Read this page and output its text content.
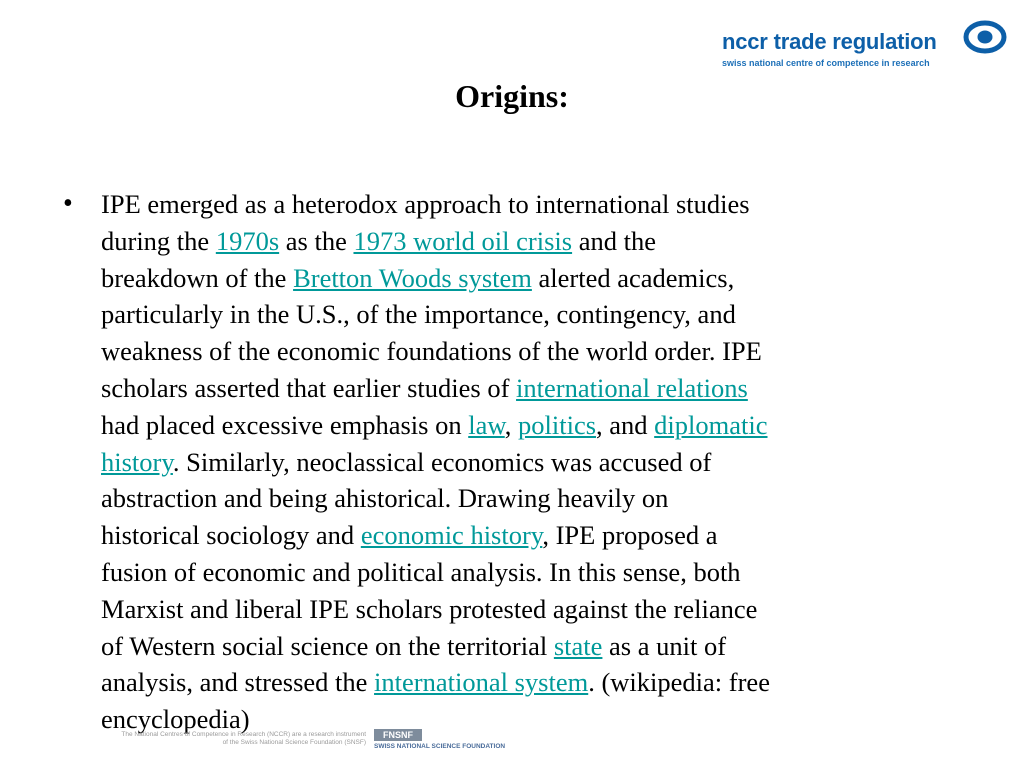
nccr trade regulation
swiss national centre of competence in research
Origins:
• IPE emerged as a heterodox approach to international studies
during the 1970s as the 1973 world oil crisis and the
breakdown of the Bretton Woods system alerted academics,
particularly in the U.S., of the importance, contingency, and
weakness of the economic foundations of the world order. IPE
scholars asserted that earlier studies of international relations
had placed excessive emphasis on law, politics, and diplomatic
history. Similarly, neoclassical economics was accused of
abstraction and being ahistorical. Drawing heavily on
historical sociology and economic history, IPE proposed a
fusion of economic and political analysis. In this sense, both
Marxist and liberal IPE scholars protested against the reliance
of Western social science on the territorial state as a unit of
analysis, and stressed the international system. (wikipedia: free
encyclopedia)
The National Centres of Competence in Research (NCCR) are a research instrument
of the Swiss National Science Foundation (SNSF)
FNSNF
SWISS NATIONAL SCIENCE FOUNDATION
